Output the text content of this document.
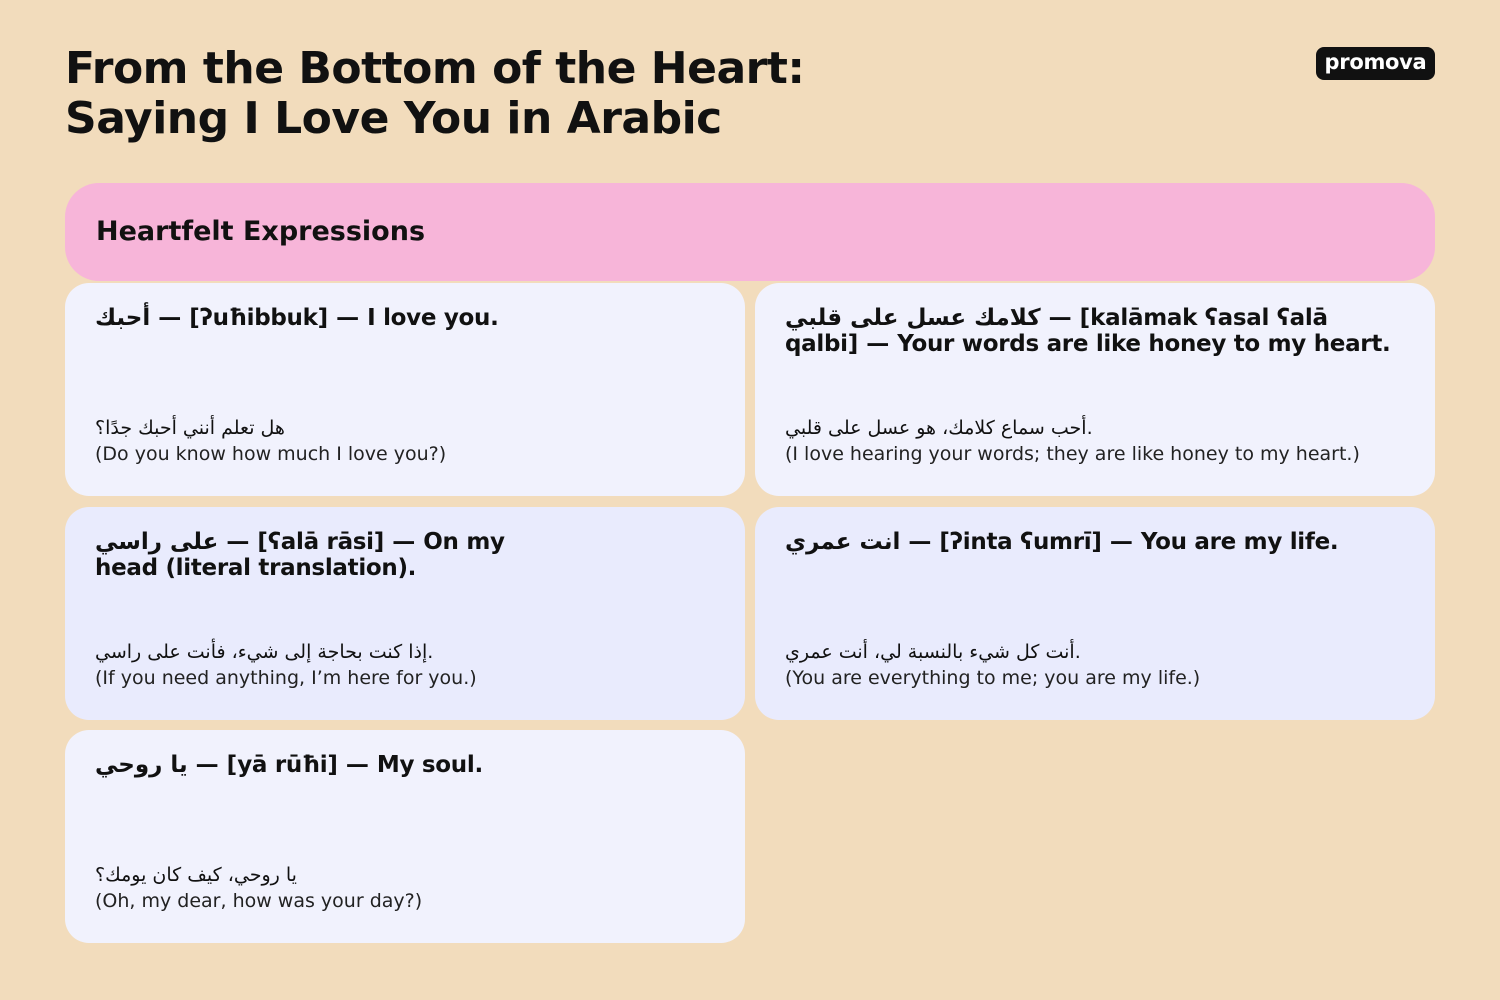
From the Bottom of the Heart:
Saying I Love You in Arabic
promova
Heartfelt Expressions
أحبك — [ʔuħibbuk] — I love you.
هل تعلم أنني أحبك جدًا؟
(Do you know how much I love you?)
كلامك عسل على قلبي — [kalāmak ʕasal ʕalā qalbi] — Your words are like honey to my heart.
أحب سماع كلامك، هو عسل على قلبي.
(I love hearing your words; they are like honey to my heart.)
على راسي — [ʕalā rāsi] — On my head (literal translation).
إذا كنت بحاجة إلى شيء، فأنت على راسي.
(If you need anything, I’m here for you.)
انت عمري — [ʔinta ʕumrī] — You are my life.
أنت كل شيء بالنسبة لي، أنت عمري.
(You are everything to me; you are my life.)
يا روحي — [yā rūħi] — My soul.
يا روحي، كيف كان يومك؟
(Oh, my dear, how was your day?)
